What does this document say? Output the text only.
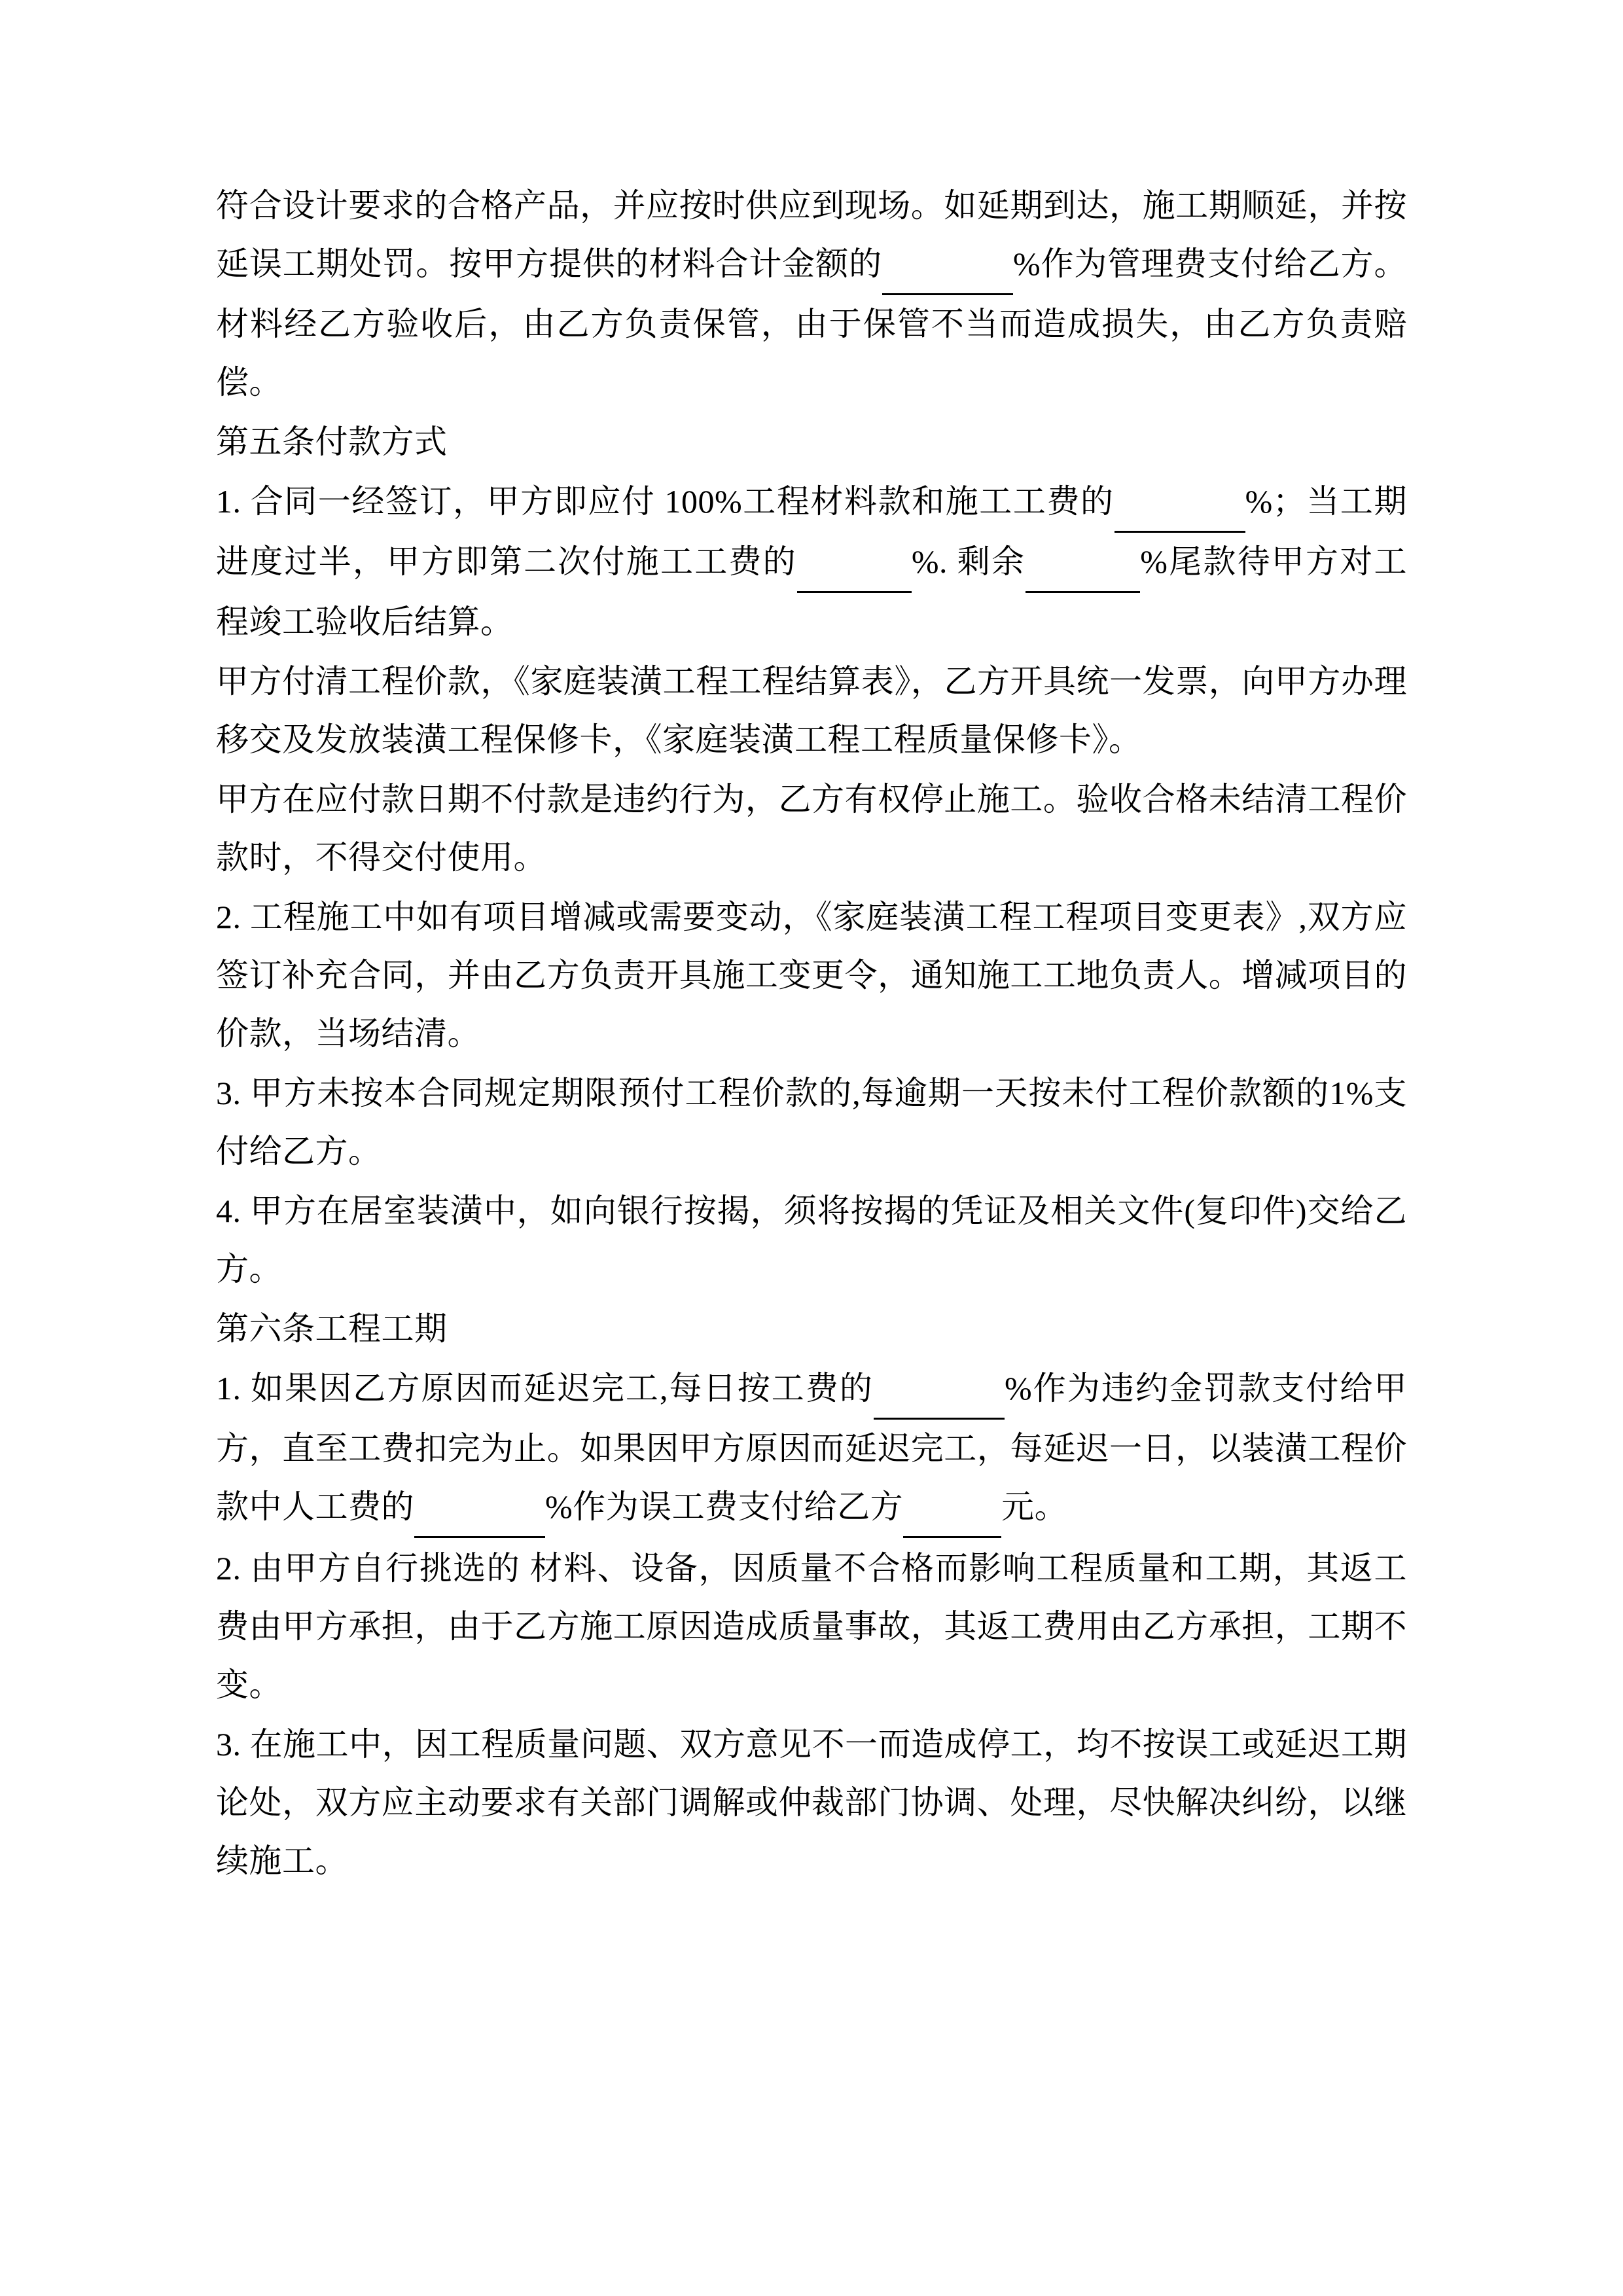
符合设计要求的合格产品，并应按时供应到现场。如延期到达，施工期顺延，并按延误工期处罚。按甲方提供的材料合计金额的	%作为管理费支付给乙方。材料经乙方验收后，由乙方负责保管，由于保管不当而造成损失，由乙方负责赔偿。
第五条付款方式
1. 合同一经签订，甲方即应付 100%工程材料款和施工工费的	%；当工期进度过半，甲方即第二次付施工工费的	%. 剩余	%尾款待甲方对工程竣工验收后结算。
甲方付清工程价款，《家庭装潢工程工程结算表》，乙方开具统一发票，向甲方办理移交及发放装潢工程保修卡，《家庭装潢工程工程质量保修卡》。
甲方在应付款日期不付款是违约行为，乙方有权停止施工。验收合格未结清工程价款时，不得交付使用。
2. 工程施工中如有项目增减或需要变动，《家庭装潢工程工程项目变更表》,双方应签订补充合同，并由乙方负责开具施工变更令，通知施工工地负责人。增减项目的价款，当场结清。
3. 甲方未按本合同规定期限预付工程价款的,每逾期一天按未付工程价款额的1%支付给乙方。
4. 甲方在居室装潢中，如向银行按揭，须将按揭的凭证及相关文件(复印件)交给乙方。
第六条工程工期
1. 如果因乙方原因而延迟完工,每日按工费的	%作为违约金罚款支付给甲方，直至工费扣完为止。如果因甲方原因而延迟完工，每延迟一日，以装潢工程价款中人工费的	%作为误工费支付给乙方	元。
2. 由甲方自行挑选的 材料、设备，因质量不合格而影响工程质量和工期，其返工费由甲方承担，由于乙方施工原因造成质量事故，其返工费用由乙方承担，工期不变。
3. 在施工中，因工程质量问题、双方意见不一而造成停工，均不按误工或延迟工期论处，双方应主动要求有关部门调解或仲裁部门协调、处理，尽快解决纠纷，以继续施工。
